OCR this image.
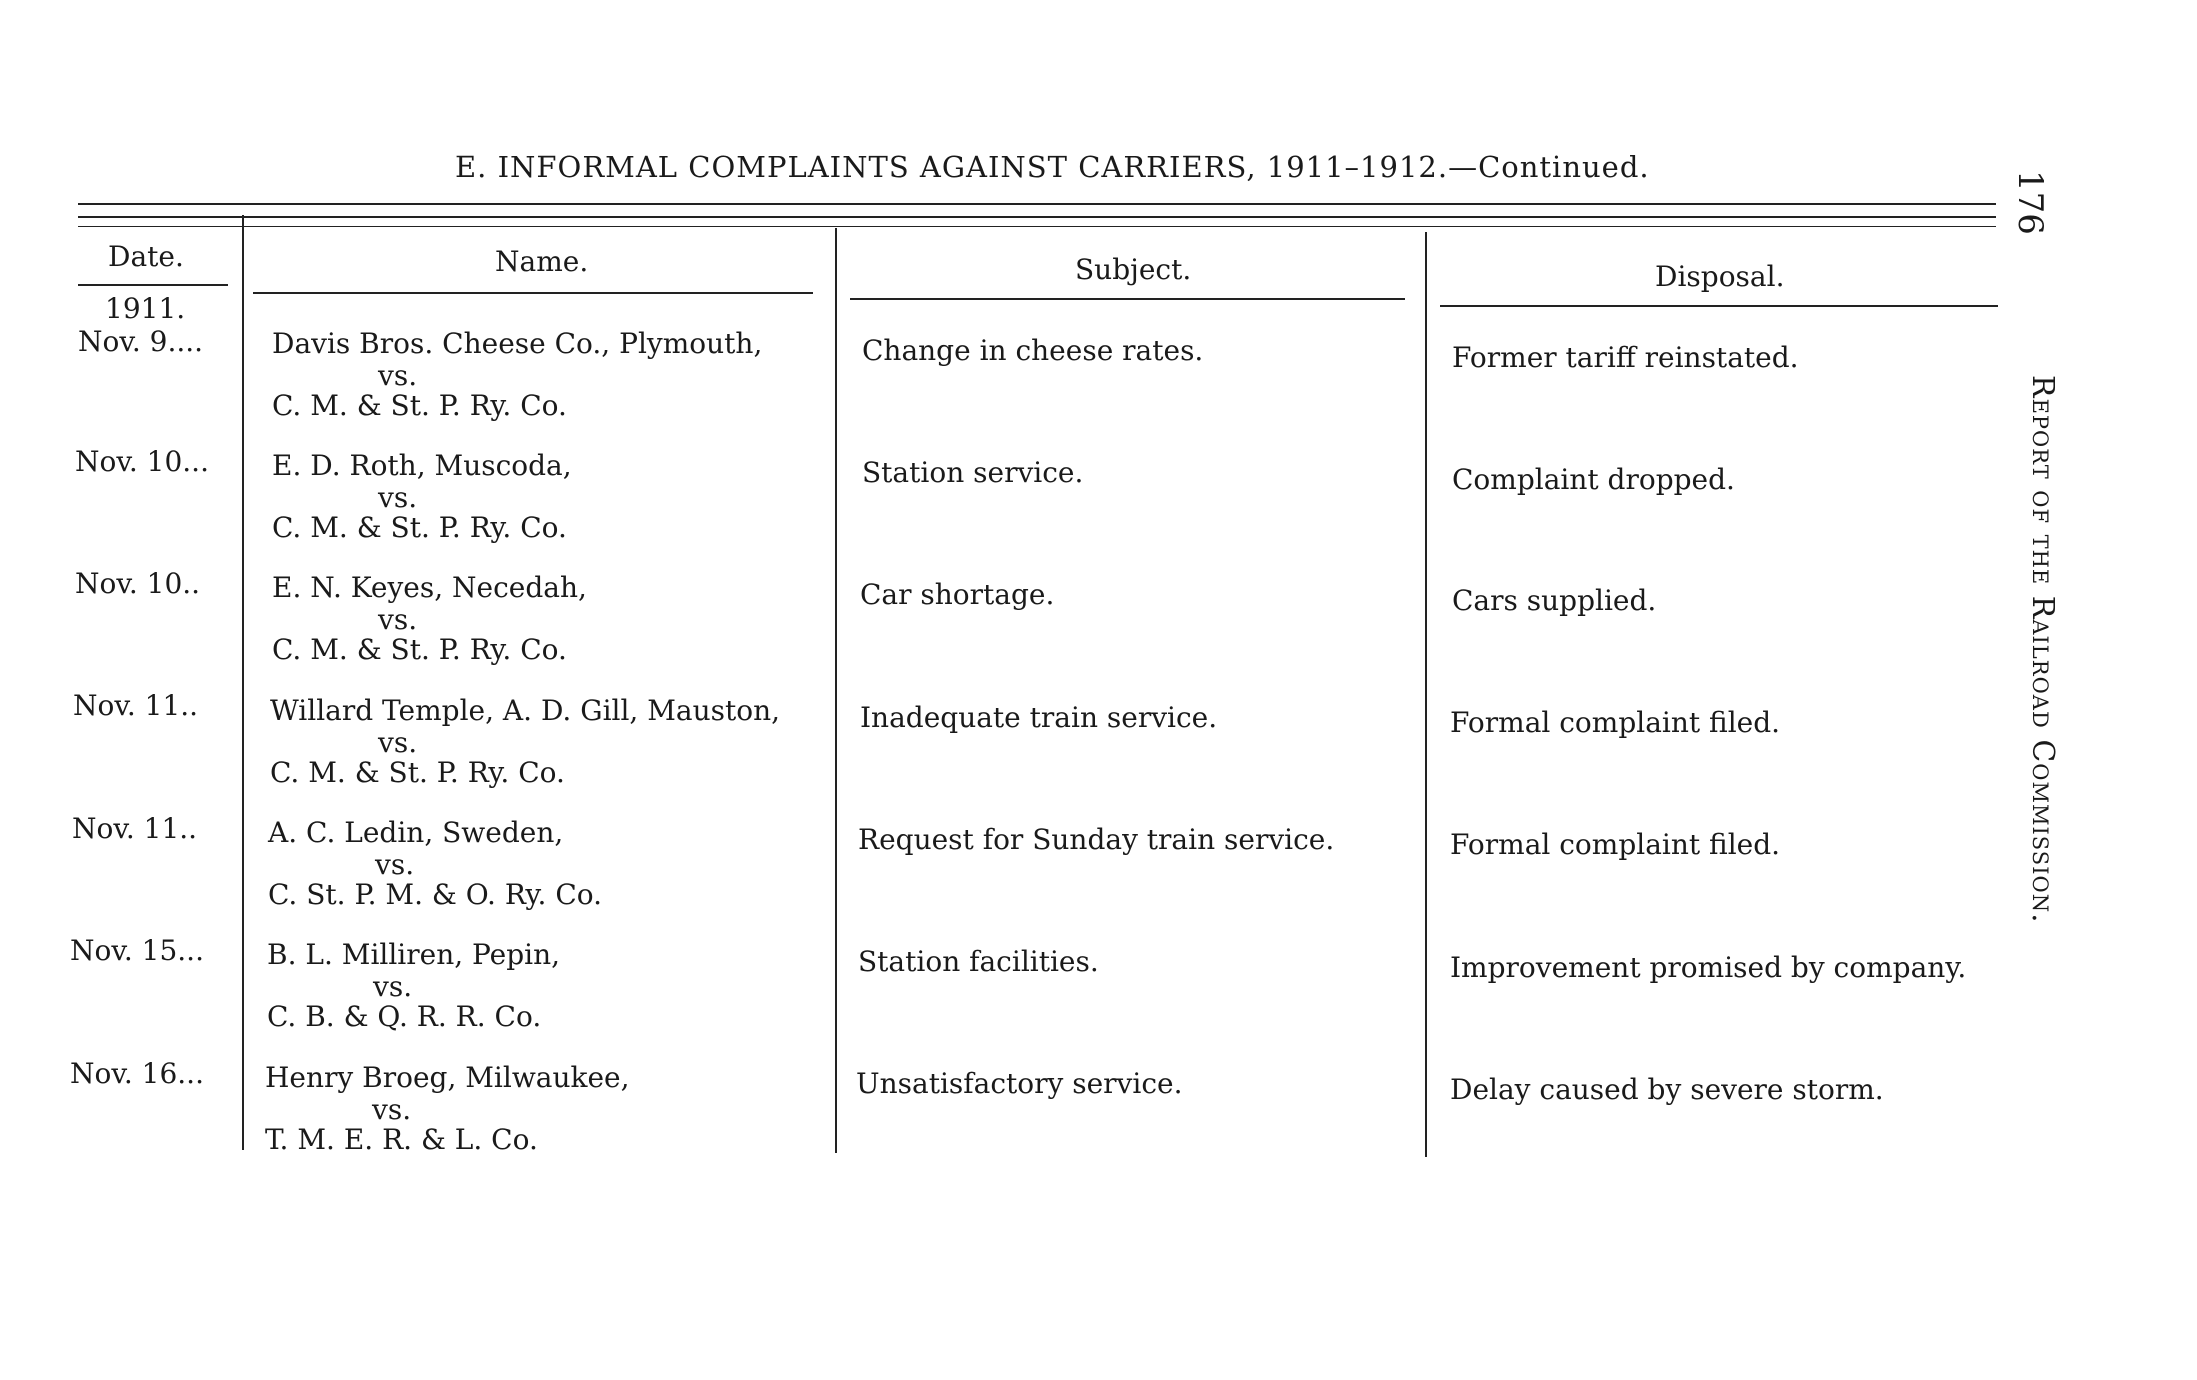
E. INFORMAL COMPLAINTS AGAINST CARRIERS, 1911–1912.—Continued.
Date.	Name.	Subject.	Disposal.
1911.
Nov. 9.... Davis Bros. Cheese Co., Plymouth,
vs.
C. M. & St. P. Ry. Co.
Change in cheese rates.	Former tariff reinstated.
Nov. 10... E. D. Roth, Muscoda,
vs.
C. M. & St. P. Ry. Co.
Station service.	Complaint dropped.
Nov. 10..	E. N. Keyes, Necedah,
vs.
C. M. & St. P. Ry. Co.
Car shortage.	Cars supplied.
Nov. 11..	Willard Temple, A. D. Gill, Mauston,
vs.
C. M. & St. P. Ry. Co.
Inadequate train service.	Formal complaint filed.
Nov. 11..	A. C. Ledin, Sweden,
vs.
C. St. P. M. & O. Ry. Co.
Request for Sunday train service.	Formal complaint filed.
Nov. 15... B. L. Milliren, Pepin,
vs.
C. B. & Q. R. R. Co.
Station facilities.	Improvement promised by company.
Nov. 16... Henry Broeg, Milwaukee,
vs.
T. M. E. R. & L. Co.
Unsatisfactory service.	Delay caused by severe storm.
176
Report of the Railroad Commission.
